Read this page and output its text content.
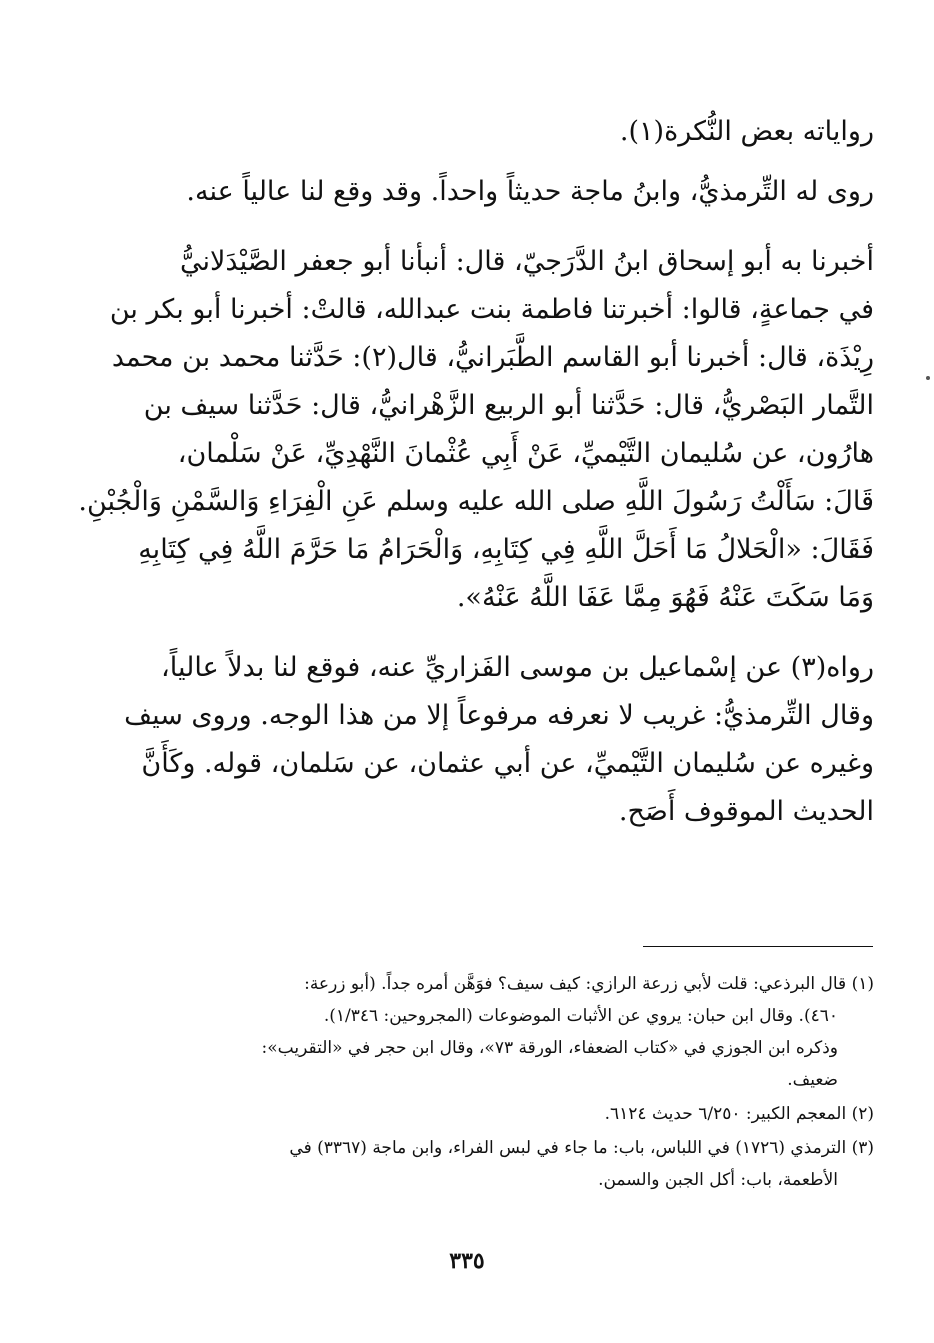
رواياته بعض النُّكرة(١).

روى له التِّرمذيُّ، وابنُ ماجة حديثاً واحداً. وقد وقع لنا عالياً عنه.

أخبرنا به أبو إسحاق ابنُ الدَّرَجيّ، قال: أنبأنا أبو جعفر الصَّيْدَلانيُّ
في جماعةٍ، قالوا: أخبرتنا فاطمة بنت عبدالله، قالتْ: أخبرنا أبو بكر بن
رِيْذَة، قال: أخبرنا أبو القاسم الطَّبَرانيُّ، قال(٢): حَدَّثنا محمد بن محمد
التَّمار البَصْريُّ، قال: حَدَّثنا أبو الربيع الزَّهْرانيُّ، قال: حَدَّثنا سيف بن
هارُون، عن سُليمان التَّيْميِّ، عَنْ أَبِي عُثْمانَ النَّهْدِيِّ، عَنْ سَلْمان،
قَالَ: سَأَلْتُ رَسُولَ اللَّهِ صلى الله عليه وسلم عَنِ الْفِرَاءِ وَالسَّمْنِ وَالْجُبْنِ.
فَقَالَ: «الْحَلالُ مَا أَحَلَّ اللَّهِ فِي كِتَابِهِ، وَالْحَرَامُ مَا حَرَّمَ اللَّهُ فِي كِتَابِهِ
وَمَا سَكَتَ عَنْهُ فَهُوَ مِمَّا عَفَا اللَّهُ عَنْهُ».

رواه(٣) عن إسْماعيل بن موسى الفَزاريِّ عنه، فوقع لنا بدلاً عالياً،
وقال التِّرمذيُّ: غريب لا نعرفه مرفوعاً إلا من هذا الوجه. وروى سيف
وغيره عن سُليمان التَّيْميِّ، عن أبي عثمان، عن سَلمان، قوله. وكَأَنَّ
الحديث الموقوف أَصَح.

(١) قال البرذعي: قلت لأبي زرعة الرازي: كيف سيف؟ فوَهَّن أمره جداً. (أبو زرعة:
٤٦٠). وقال ابن حبان: يروي عن الأثبات الموضوعات (المجروحين: ١/٣٤٦).
وذكره ابن الجوزي في «كتاب الضعفاء، الورقة ٧٣»، وقال ابن حجر في «التقريب»:
ضعيف.
(٢) المعجم الكبير: ٦/٢٥٠ حديث ٦١٢٤.
(٣) الترمذي (١٧٢٦) في اللباس، باب: ما جاء في لبس الفراء، وابن ماجة (٣٣٦٧) في
الأطعمة، باب: أكل الجبن والسمن.
٣٣٥
